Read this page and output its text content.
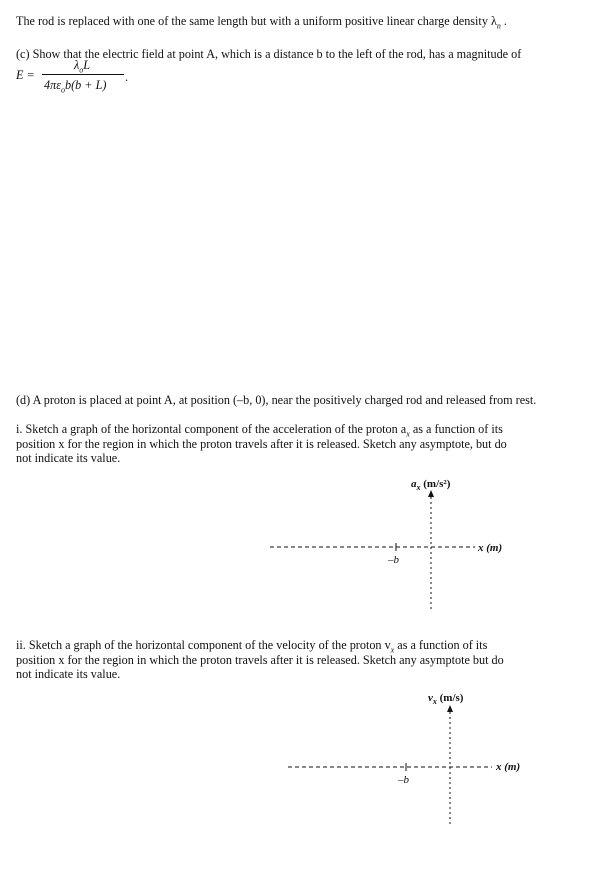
The rod is replaced with one of the same length but with a uniform positive linear charge density $\lambda_n$ .
(c) Show that the electric field at point A, which is a distance b to the left of the rod, has a magnitude of
E =
$\lambda_oL$
$4\pi\varepsilon_ob(b + L)$
.
(d) A proton is placed at point A, at position (–b, 0), near the positively charged rod and released from rest.
i. Sketch a graph of the horizontal component of the acceleration of the proton $a_x$ as a function of its
position x for the region in which the proton travels after it is released. Sketch any asymptote, but do
not indicate its value.
$a_x$ (m/s²)
x (m)
–b
ii. Sketch a graph of the horizontal component of the velocity of the proton $v_x$ as a function of its
position x for the region in which the proton travels after it is released. Sketch any asymptote but do
not indicate its value.
$v_x$ (m/s)
x (m)
–b
